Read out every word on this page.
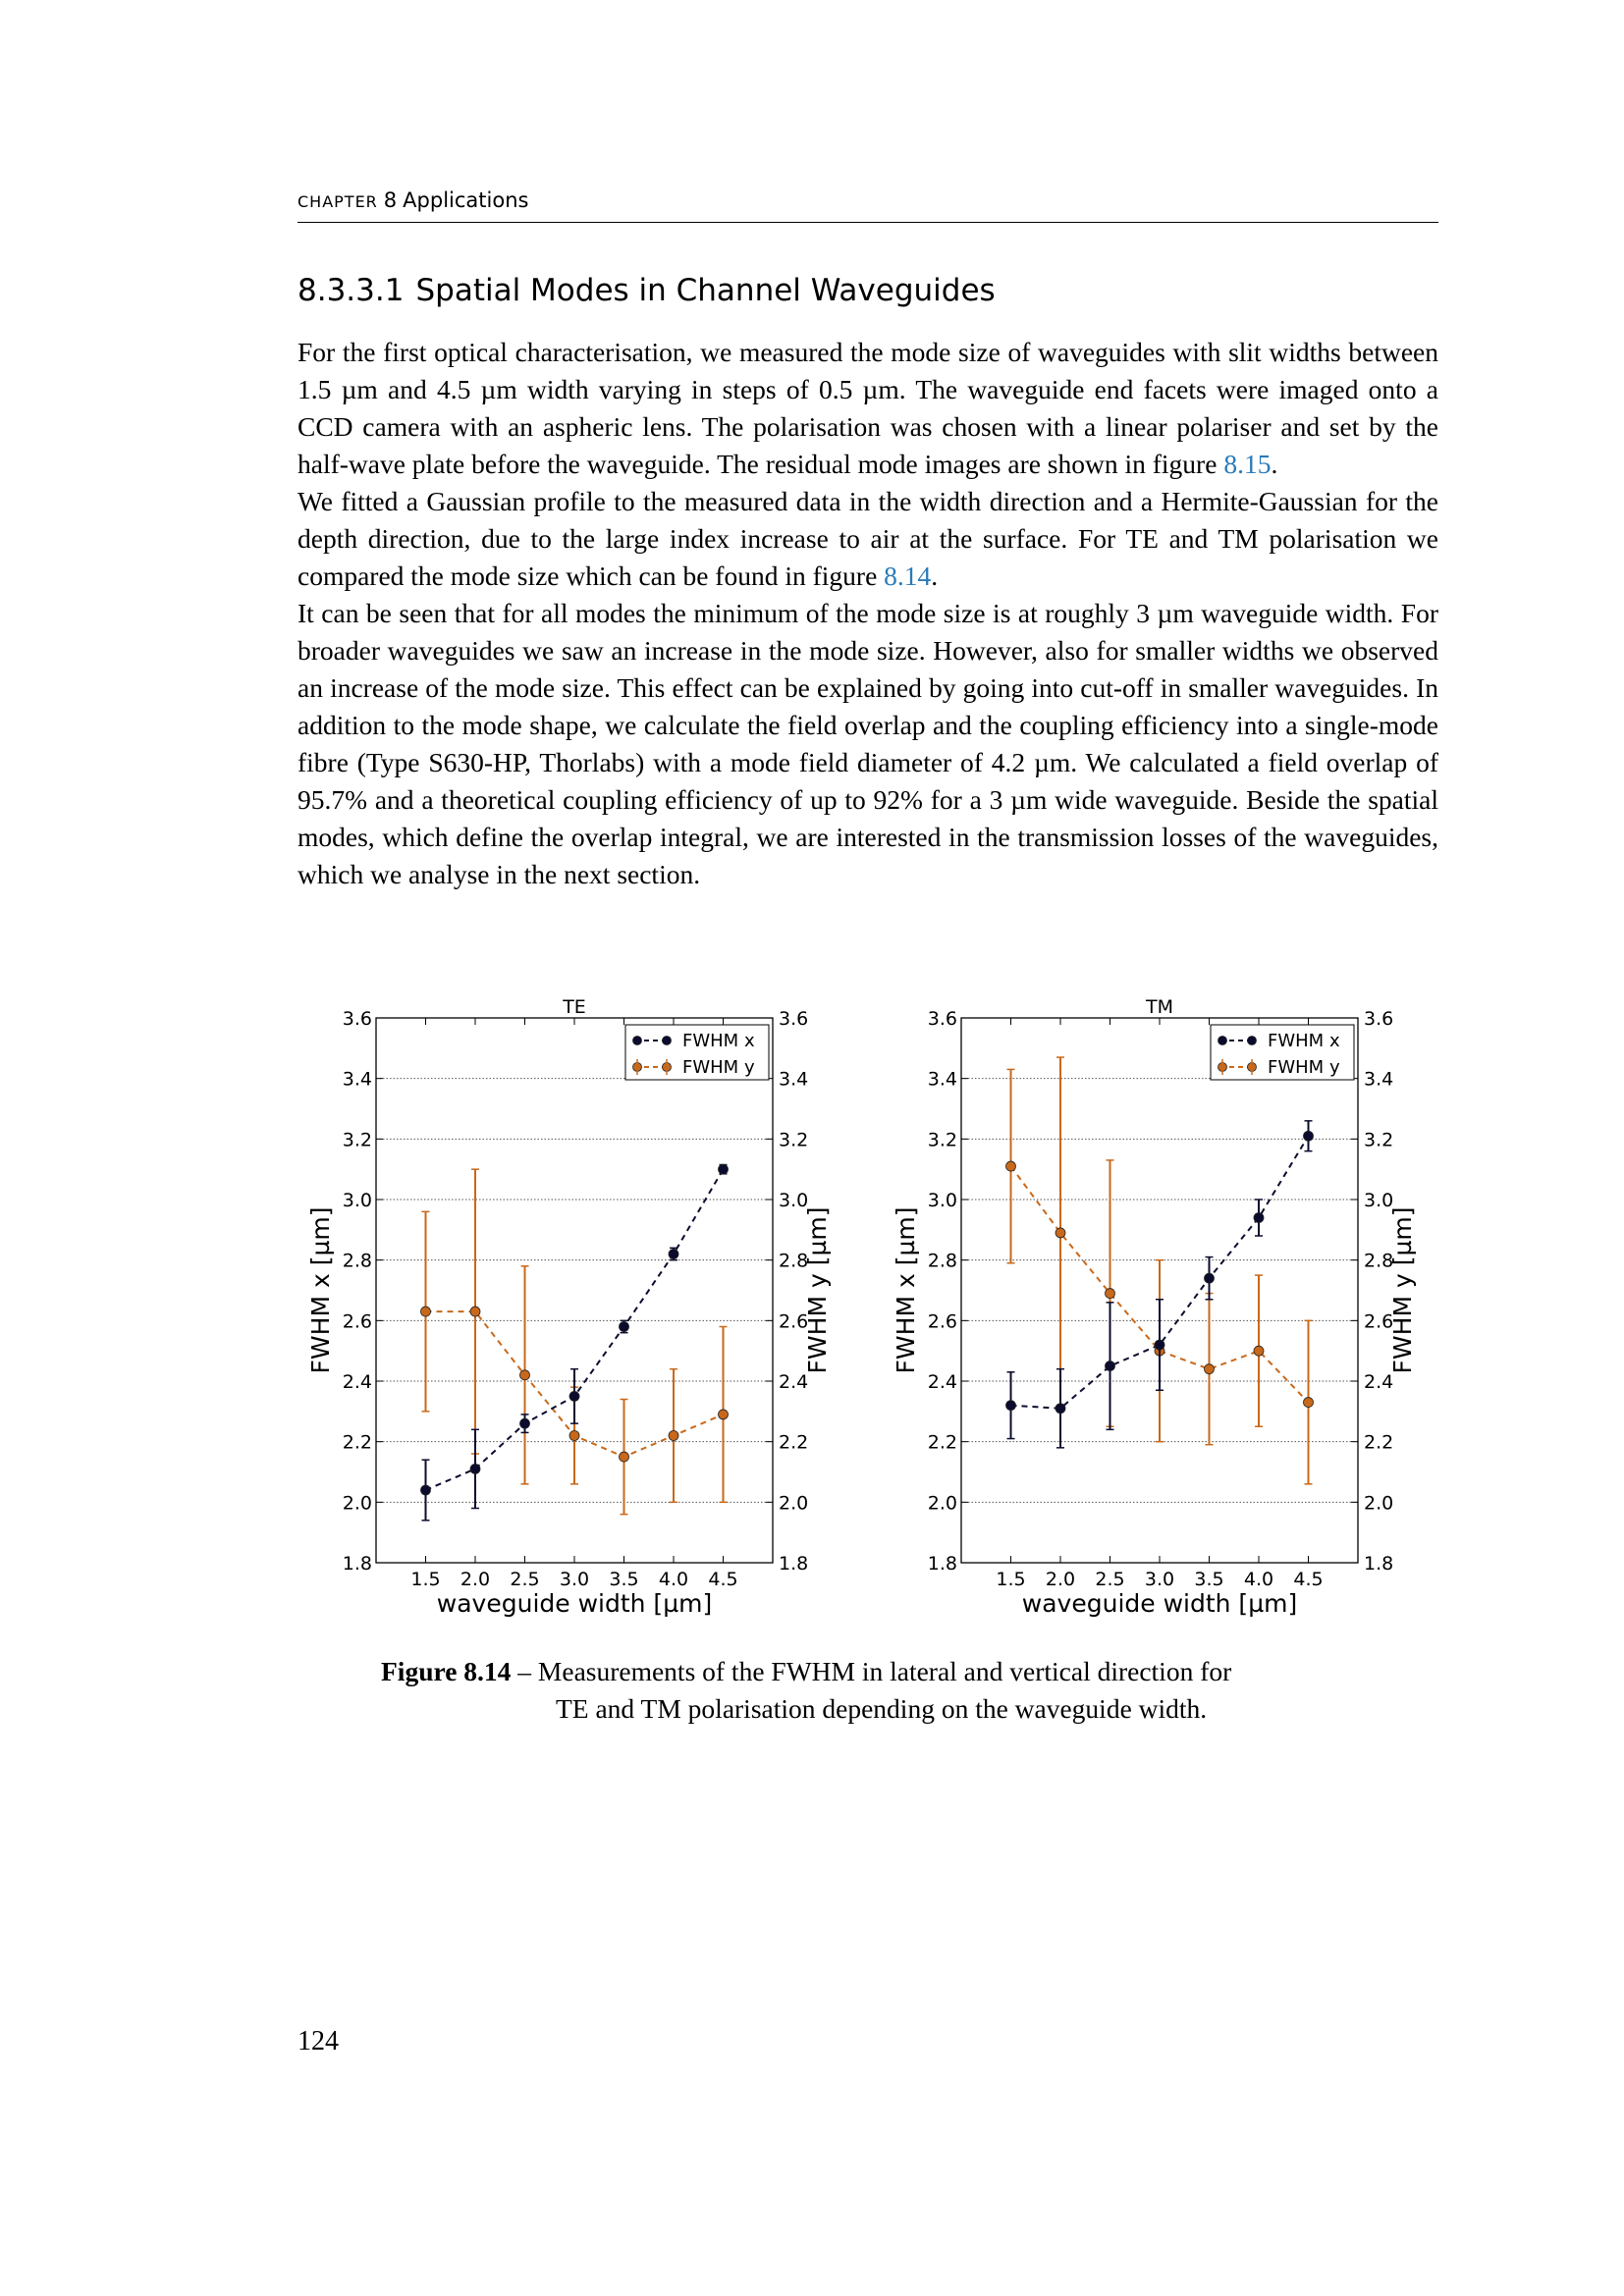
CHAPTER 8 Applications
8.3.3.1 Spatial Modes in Channel Waveguides

For the first optical characterisation, we measured the mode size of waveguides with slit widths between 1.5 µm and 4.5 µm width varying in steps of 0.5 µm. The waveguide end facets were imaged onto a CCD camera with an aspheric lens. The polarisation was chosen with a linear polariser and set by the half-wave plate before the waveguide. The residual mode images are shown in figure 8.15.

We fitted a Gaussian profile to the measured data in the width direction and a Hermite-Gaussian for the depth direction, due to the large index increase to air at the surface. For TE and TM polarisation we compared the mode size which can be found in figure 8.14.

It can be seen that for all modes the minimum of the mode size is at roughly 3 µm waveguide width. For broader waveguides we saw an increase in the mode size. However, also for smaller widths we observed an increase of the mode size. This effect can be explained by going into cut-off in smaller waveguides. In addition to the mode shape, we calculate the field overlap and the coupling efficiency into a single-mode fibre (Type S630-HP, Thorlabs) with a mode field diameter of 4.2 µm. We calculated a field overlap of 95.7% and a theoretical coupling efficiency of up to 92% for a 3 µm wide waveguide. Beside the spatial modes, which define the overlap integral, we are interested in the transmission losses of the waveguides, which we analyse in the next section.

1.8	1.8
2.0	2.0
2.2	2.2
2.4	2.4
2.6	2.6
2.8	2.8
3.0	3.0
3.2	3.2
3.4	3.4
3.6	3.6
1.5 2.0 2.5 3.0 3.5 4.0 4.5
TE
waveguide width [µm]
FWHM x [µm]	FWHM y [µm]
FWHM x
FWHM y
1.8	1.8
2.0	2.0
2.2	2.2
2.4	2.4
2.6	2.6
2.8	2.8
3.0	3.0
3.2	3.2
3.4	3.4
3.6	3.6
1.5 2.0 2.5 3.0 3.5 4.0 4.5
TM
waveguide width [µm]
FWHM x [µm]	FWHM y [µm]
FWHM x
FWHM y
Figure 8.14 – Measurements of the FWHM in lateral and vertical direction for
TE and TM polarisation depending on the waveguide width.
124
